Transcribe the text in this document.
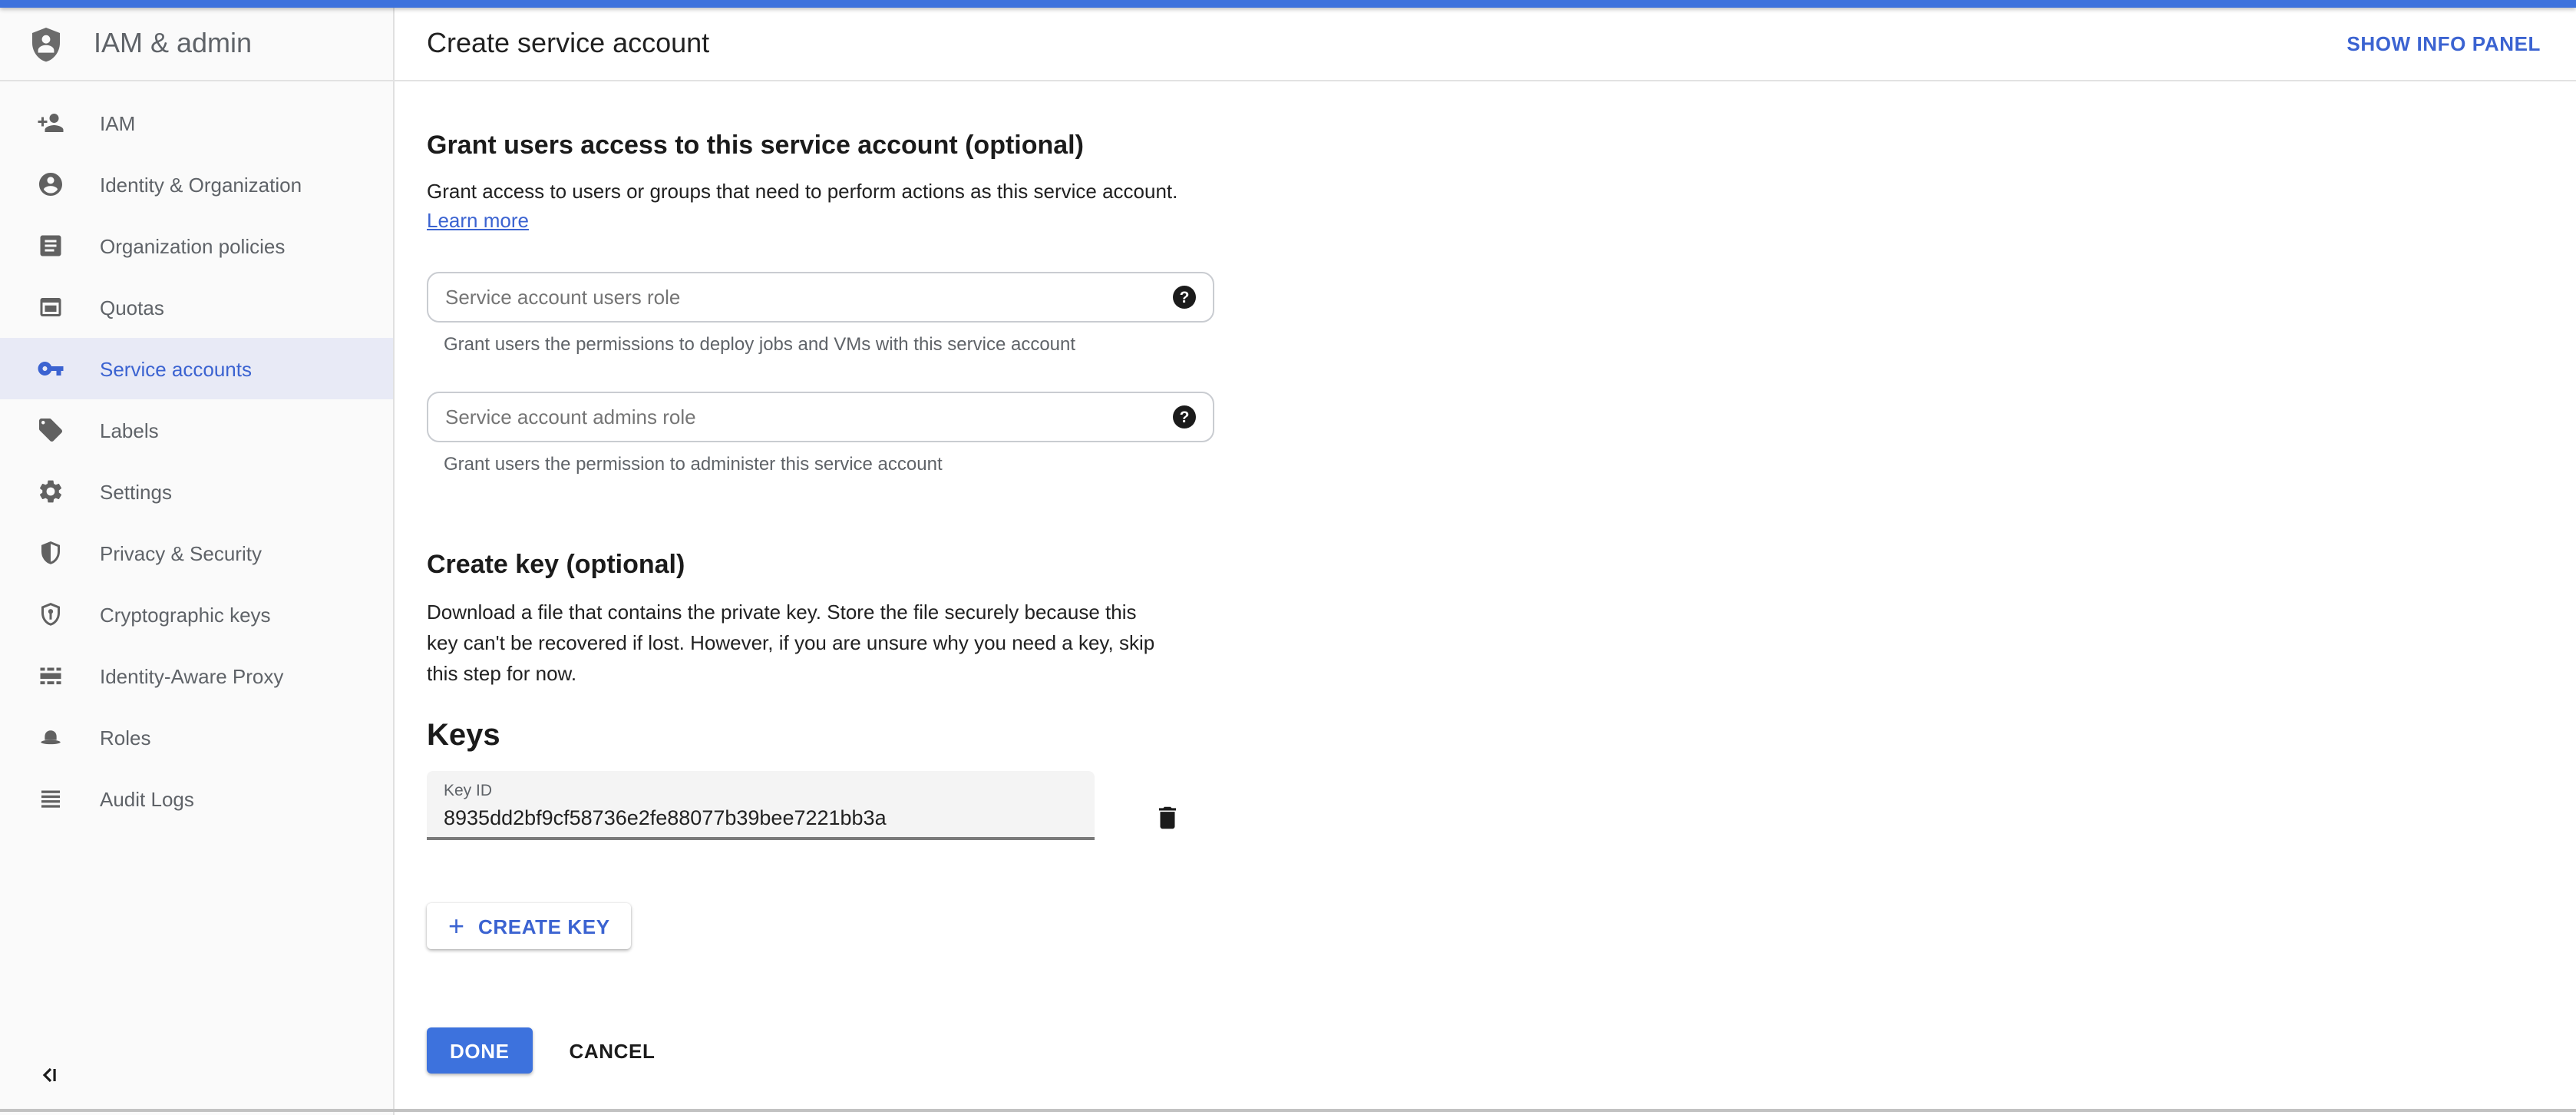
IAM & admin	Create service account	SHOW INFO PANEL
IAM
Identity & Organization
Organization policies
Quotas
Service accounts
Labels
Settings
Privacy & Security
Cryptographic keys
Identity-Aware Proxy
Roles
Audit Logs
Grant users access to this service account (optional)
Grant access to users or groups that need to perform actions as this service account.
Learn more
Service account users role
?
Grant users the permissions to deploy jobs and VMs with this service account
Service account admins role
?
Grant users the permission to administer this service account
Create key (optional)
Download a file that contains the private key. Store the file securely because this key can't be recovered if lost. However, if you are unsure why you need a key, skip this step for now.
Keys
Key ID
8935dd2bf9cf58736e2fe88077b39bee7221bb3a
+ CREATE KEY
DONE	CANCEL
